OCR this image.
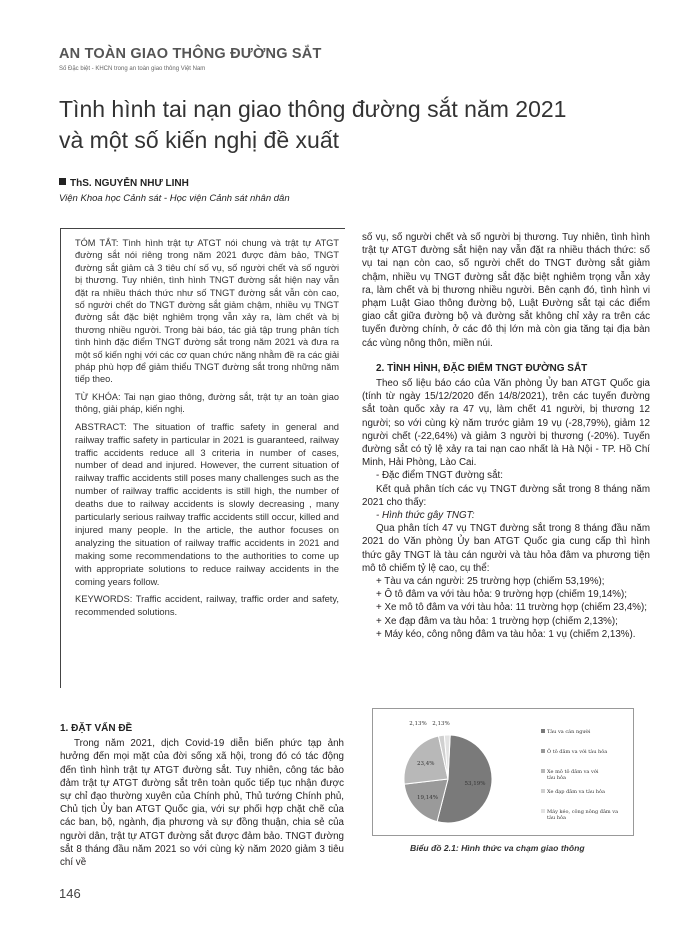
AN TOÀN GIAO THÔNG ĐƯỜNG SẮT
Số Đặc biệt - KHCN trong an toàn giao thông Việt Nam
Tình hình tai nạn giao thông đường sắt năm 2021
và một số kiến nghị đề xuất
ThS. NGUYỄN NHƯ LINH
Viện Khoa học Cảnh sát - Học viện Cảnh sát nhân dân

TÓM TẮT: Tình hình trật tự ATGT nói chung và trật tự ATGT đường sắt nói riêng trong năm 2021 được đảm bảo, TNGT đường sắt giảm cả 3 tiêu chí số vụ, số người chết và số người bị thương. Tuy nhiên, tình hình TNGT đường sắt hiện nay vẫn đặt ra nhiều thách thức như số TNGT đường sắt vẫn còn cao, số người chết do TNGT đường sắt giảm chậm, nhiều vụ TNGT đường sắt đặc biệt nghiêm trọng vẫn xảy ra, làm chết và bị thương nhiều người. Trong bài báo, tác giả tập trung phân tích tình hình đặc điểm TNGT đường sắt trong năm 2021 và đưa ra một số kiến nghị với các cơ quan chức năng nhằm đề ra các giải pháp phù hợp để giảm thiểu TNGT đường sắt trong những năm tiếp theo.

TỪ KHÓA: Tai nạn giao thông, đường sắt, trật tự an toàn giao thông, giải pháp, kiến nghị.

ABSTRACT: The situation of traffic safety in general and railway traffic safety in particular in 2021 is guaranteed, railway traffic accidents reduce all 3 criteria in number of cases, number of dead and injured. However, the current situation of railway traffic accidents still poses many challenges such as the number of railway traffic accidents is still high, the number of deaths due to railway accidents is slowly decreasing , many particularly serious railway traffic accidents still occur, killed and injured many people. In the article, the author focuses on analyzing the situation of railway traffic accidents in 2021 and making some recommendations to the authorities to come up with appropriate solutions to reduce railway accidents in the coming years follow.

KEYWORDS: Traffic accident, railway, traffic order and safety, recommended solutions.

1. ĐẶT VẤN ĐỀ

Trong năm 2021, dịch Covid-19 diễn biến phức tạp ảnh hưởng đến mọi mặt của đời sống xã hội, trong đó có tác động đến tình hình trật tự ATGT đường sắt. Tuy nhiên, công tác bảo đảm trật tự ATGT đường sắt trên toàn quốc tiếp tục nhận được sự chỉ đạo thường xuyên của Chính phủ, Thủ tướng Chính phủ, Chủ tịch Ủy ban ATGT Quốc gia, với sự phối hợp chặt chẽ của các ban, bộ, ngành, địa phương và sự đồng thuận, chia sẻ của người dân, trật tự ATGT đường sắt được đảm bảo. TNGT đường sắt 8 tháng đầu năm 2021 so với cùng kỳ năm 2020 giảm 3 tiêu chí về

số vụ, số người chết và số người bị thương. Tuy nhiên, tình hình trật tự ATGT đường sắt hiện nay vẫn đặt ra nhiều thách thức: số vụ tai nạn còn cao, số người chết do TNGT đường sắt giảm chậm, nhiều vụ TNGT đường sắt đặc biệt nghiêm trọng vẫn xảy ra, làm chết và bị thương nhiều người. Bên cạnh đó, tình hình vi phạm Luật Giao thông đường bộ, Luật Đường sắt tại các điểm giao cắt giữa đường bộ và đường sắt không chỉ xảy ra trên các tuyến đường chính, ở các đô thị lớn mà còn gia tăng tại địa bàn các vùng nông thôn, miền núi.

2. TÌNH HÌNH, ĐẶC ĐIỂM TNGT ĐƯỜNG SẮT

Theo số liệu báo cáo của Văn phòng Ủy ban ATGT Quốc gia (tính từ ngày 15/12/2020 đến 14/8/2021), trên các tuyến đường sắt toàn quốc xảy ra 47 vụ, làm chết 41 người, bị thương 12 người; so với cùng kỳ năm trước giảm 19 vụ (-28,79%), giảm 12 người chết (-22,64%) và giảm 3 người bị thương (-20%). Tuyến đường sắt có tỷ lệ xảy ra tai nạn cao nhất là Hà Nội - TP. Hồ Chí Minh, Hải Phòng, Lào Cai.

- Đặc điểm TNGT đường sắt:

Kết quả phân tích các vụ TNGT đường sắt trong 8 tháng năm 2021 cho thấy:

- Hình thức gây TNGT:

Qua phân tích 47 vụ TNGT đường sắt trong 8 tháng đầu năm 2021 do Văn phòng Ủy ban ATGT Quốc gia cung cấp thì hình thức gây TNGT là tàu cán người và tàu hỏa đâm va phương tiện mô tô chiếm tỷ lệ cao, cụ thể:

+ Tàu va cán người: 25 trường hợp (chiếm 53,19%);

+ Ô tô đâm va với tàu hỏa: 9 trường hợp (chiếm 19,14%);

+ Xe mô tô đâm va với tàu hỏa: 11 trường hợp (chiếm 23,4%);

+ Xe đạp đâm va tàu hỏa: 1 trường hợp (chiếm 2,13%);

+ Máy kéo, công nông đâm va tàu hỏa: 1 vụ (chiếm 2,13%).

53,19%
19,14%
23,4%
2,13% 2,13%
Tàu va cán người
Ô tô đâm va với tàu hỏa
Xe mô tô đâm va với tàu hỏa
Xe đạp đâm va tàu hỏa
Máy kéo, công nông đâm va tàu hỏa
Biểu đồ 2.1: Hình thức va chạm giao thông
146
